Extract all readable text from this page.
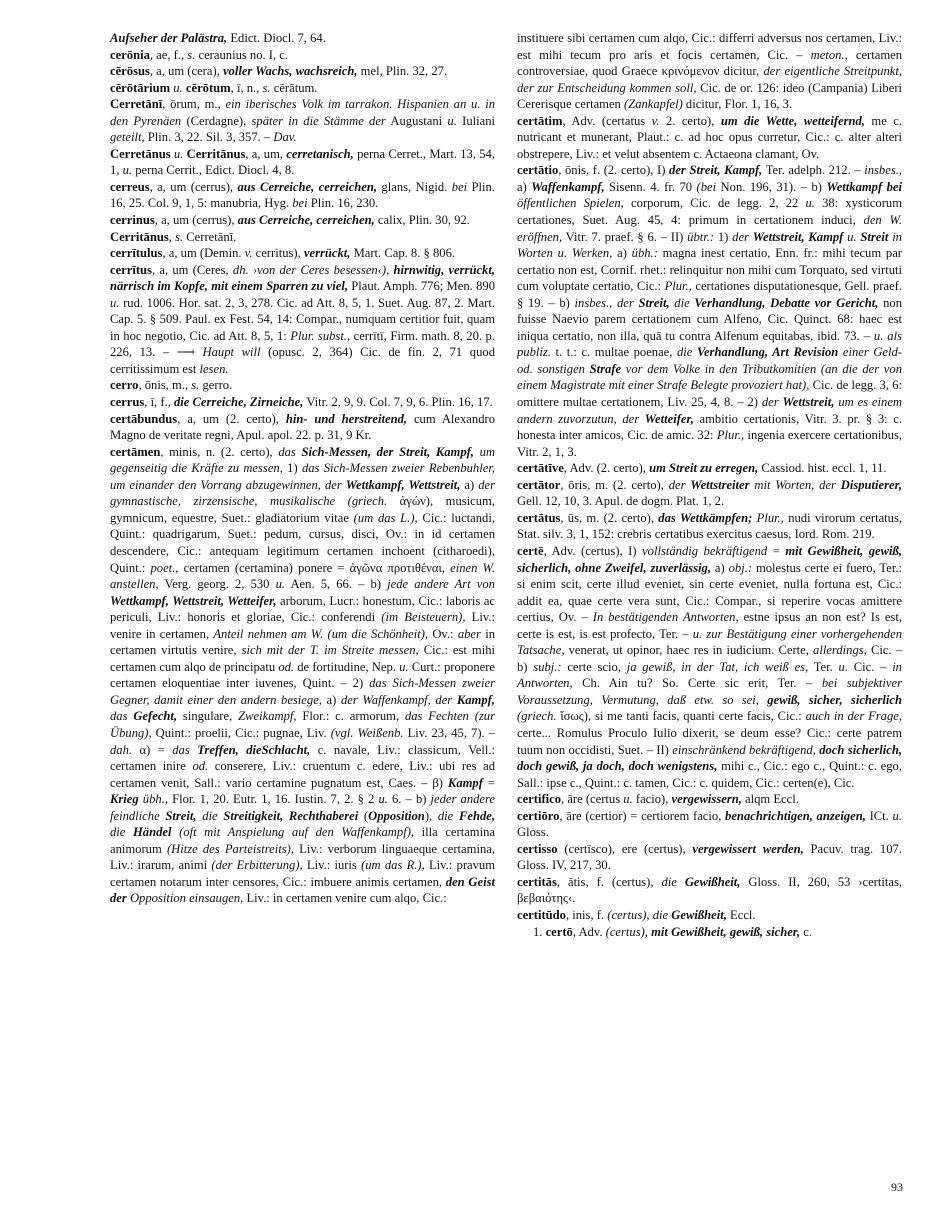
Aufseher der Palästra, Edict. Diocl. 7, 64.

cerōnia, ae, f., s. ceraunius no. I, c.

cērōsus, a, um (cera), voller Wachs, wachsreich, mel, Plin. 32, 27.

cērōtārium u. cērōtum, ī, n., s. cērātum.

Cerretānī, ōrum, m., ein iberisches Volk im tarrakon. Hispanien an u. in den Pyrenäen (Cerdagne), später in die Stämme der Augustani u. Iuliani geteilt, Plin. 3, 22. Sil. 3, 357. – Dav.

Cerretānus u. Cerritānus, a, um, cerretanisch, perna Cerret., Mart. 13, 54, 1, u. perna Cerrit., Edict. Diocl. 4, 8.

cerreus, a, um (cerrus), aus Cerreiche, cerreichen, glans, Nigid. bei Plin. 16, 25. Col. 9, 1, 5: manubria, Hyg. bei Plin. 16, 230.

cerrinus, a, um (cerrus), aus Cerreiche, cerreichen, calix, Plin. 30, 92.

Cerritānus, s. Cerretānī.

cerrītulus, a, um (Demin. v. cerritus), verrückt, Mart. Cap. 8. § 806.

cerrītus, a, um (Ceres, dh. ›von der Ceres besessen‹), hirnwitig, verrückt, närrisch im Kopfe, mit einem Sparren zu viel, Plaut. Amph. 776; Men. 890 u. rud. 1006. Hor. sat. 2, 3, 278. Cic. ad Att. 8, 5, 1. Suet. Aug. 87, 2. Mart. Cap. 5. § 509. Paul. ex Fest. 54, 14: Compar., numquam certitior fuit, quam in hoc negotio, Cic. ad Att. 8, 5, 1: Plur. subst., cerrītī, Firm. math. 8, 20. p. 226, 13. – ⟶ Haupt will (opusc. 2, 364) Cic. de fin. 2, 71 quod cerritissimum est lesen.

cerro, ōnis, m., s. gerro.

cerrus, ī, f., die Cerreiche, Zirneiche, Vitr. 2, 9, 9. Col. 7, 9, 6. Plin. 16, 17.

certābundus, a, um (2. certo), hin- und herstreitend, cum Alexandro Magno de veritate regni, Apul. apol. 22. p. 31, 9 Kr.

certāmen, minis, n. (2. certo), das Sich-Messen, der Streit, Kampf, um gegenseitig die Kräfte zu messen, 1) das Sich-Messen zweier Rebenbuhler, um einander den Vorrang abzugewinnen, der Wettkampf, Wettstreit, a) der gymnastische, zirzensische, musikalische (griech. ἀγών), musicum, gymnicum, equestre, Suet.: gladiatorium vitae (um das L.), Cic.: luctandi, Quint.: quadrigarum, Suet.: pedum, cursus, disci, Ov.: in id certamen descendere, Cic.: antequam legitimum certamen inchoent (citharoedi), Quint.: poet., certamen (certamina) ponere = ἀγῶνα προτιθέναι, einen W. anstellen, Verg. georg. 2, 530 u. Aen. 5, 66. – b) jede andere Art von Wettkampf, Wettstreit, Wetteifer, arborum, Lucr.: honestum, Cic.: laboris ac periculi, Liv.: honoris et gloriae, Cic.: conferendi (im Beisteuern), Liv.: venire in certamen, Anteil nehmen am W. (um die Schönheit), Ov.: aber in certamen virtutis venire, sich mit der T. im Streite messen, Cic.: est mihi certamen cum alqo de principatu od. de fortitudine, Nep. u. Curt.: proponere certamen eloquentiae inter iuvenes, Quint. – 2) das Sich-Messen zweier Gegner, damit einer den andern besiege, a) der Waffenkampf, der Kampf, das Gefecht, singulare, Zweikampf, Flor.: c. armorum, das Fechten (zur Übung), Quint.: proelii, Cic.: pugnae, Liv. (vgl. Weißenb. Liv. 23, 45, 7). – dah. α) = das Treffen, dieSchlacht, c. navale, Liv.: classicum, Vell.: certamen inire od. conserere, Liv.: cruentum c. edere, Liv.: ubi res ad certamen venit, Sall.: vario certamine pugnatum est, Caes. – β) Kampf = Krieg übh., Flor. 1, 20. Eutr. 1, 16. Iustin. 7, 2. § 2 u. 6. – b) jeder andere feindliche Streit, die Streitigkeit, Rechthaberei (Opposition), die Fehde, die Händel (oft mit Anspielung auf den Waffenkampf), illa certamina animorum (Hitze des Parteistreits), Liv.: verborum linguaeque certamina, Liv.: irarum, animi (der Erbitterung), Liv.: iuris (um das R.), Liv.: pravum certamen notarum inter censores, Cic.: imbuere animis certamen, den Geist der Opposition einsaugen, Liv.: in certamen venire cum alqo, Cic.:

instituere sibi certamen cum alqo, Cic.: differri adversus nos certamen, Liv.: est mihi tecum pro aris et focis certamen, Cic. – meton., certamen controversiae, quod Graece κρινόμενον dicitur, der eigentliche Streitpunkt, der zur Entscheidung kommen soll, Cic. de or. 126: ideo (Campania) Liberi Cererisque certamen (Zankapfel) dicitur, Flor. 1, 16, 3.

certātim, Adv. (certatus v. 2. certo), um die Wette, wetteifernd, me c. nutricant et munerant, Plaut.: c. ad hoc opus curretur, Cic.: c. alter alteri obstrepere, Liv.: et velut absentem c. Actaeona clamant, Ov.

certātio, ōnis, f. (2. certo), I) der Streit, Kampf, Ter. adelph. 212. – insbes., a) Waffenkampf, Sisenn. 4. fr. 70 (bei Non. 196, 31). – b) Wettkampf bei öffentlichen Spielen, corporum, Cic. de legg. 2, 22 u. 38: xysticorum certationes, Suet. Aug. 45, 4: primum in certationem induci, den W. eröffnen, Vitr. 7. praef. § 6. – II) übtr.: 1) der Wettstreit, Kampf u. Streit in Worten u. Werken, a) übh.: magna inest certatio, Enn. fr.: mihi tecum par certatio non est, Cornif. rhet.: relinquitur non mihi cum Torquato, sed virtuti cum voluptate certatio, Cic.: Plur., certationes disputationesque, Gell. praef. § 19. – b) insbes., der Streit, die Verhandlung, Debatte vor Gericht, non fuisse Naevio parem certationem cum Alfeno, Cic. Quinct. 68: haec est iniqua certatio, non illa, quā tu contra Alfenum equitabas, ibid. 73. – u. als publiz. t. t.: c. multae poenae, die Verhandlung, Art Revision einer Geld-od. sonstigen Strafe vor dem Volke in den Tributkomitien (an die der von einem Magistrate mit einer Strafe Belegte provoziert hat), Cic. de legg. 3, 6: omittere multae certationem, Liv. 25, 4, 8. – 2) der Wettstreit, um es einem andern zuvorzutun, der Wetteifer, ambitio certationis, Vitr. 3. pr. § 3: c. honesta inter amicos, Cic. de amic. 32: Plur., ingenia exercere certationibus, Vitr. 2, 1, 3.

certātīve, Adv. (2. certo), um Streit zu erregen, Cassiod. hist. eccl. 1, 11.

certātor, ōris, m. (2. certo), der Wettstreiter mit Worten, der Disputierer, Gell. 12, 10, 3. Apul. de dogm. Plat. 1, 2.

certātus, ūs, m. (2. certo), das Wettkämpfen; Plur., nudi virorum certatus, Stat. silv. 3, 1, 152: crebris certatibus exercitus caesus, Iord. Rom. 219.

certē, Adv. (certus), I) vollständig bekräftigend = mit Gewißheit, gewiß, sicherlich, ohne Zweifel, zuverlässig, a) obj.: molestus certe ei fuero, Ter.: si enim scit, certe illud eveniet, sin certe eveniet, nulla fortuna est, Cic.: addit ea, quae certe vera sunt, Cic.: Compar., si reperire vocas amittere certius, Ov. – In bestätigenden Antworten, estne ipsus an non est? Is est, certe is est, is est profecto, Ter. – u. zur Bestätigung einer vorhergehenden Tatsache, venerat, ut opinor, haec res in iudicium. Certe, allerdings, Cic. – b) subj.: certe scio, ja gewiß, in der Tat, ich weiß es, Ter. u. Cic. – in Antworten, Ch. Ain tu? So. Certe sic erit, Ter. – bei subjektiver Voraussetzung, Vermutung, daß etw. so sei, gewiß, sicher, sicherlich (griech. ἴσως), si me tanti facis, quanti certe facis, Cic.: auch in der Frage, certe... Romulus Proculo Iulio dixerit, se deum esse? Cic.: certe patrem tuum non occidisti, Suet. – II) einschränkend bekräftigend, doch sicherlich, doch gewiß, ja doch, doch wenigstens, mihi c., Cic.: ego c., Quint.: c. ego, Sall.: ipse c., Quint.: c. tamen, Cic.: c. quidem, Cic.: certen(e), Cic.

certifico, āre (certus u. facio), vergewissern, alqm Eccl.

certiōro, āre (certior) = certiorem facio, benachrichtigen, anzeigen, ICt. u. Gloss.

certisso (certīsco), ere (certus), vergewissert werden, Pacuv. trag. 107. Gloss. IV, 217, 30.

certitās, ātis, f. (certus), die Gewißheit, Gloss. II, 260, 53 ›certitas, βεβαιότης‹.

certitūdo, inis, f. (certus), die Gewißheit, Eccl.

1. certō, Adv. (certus), mit Gewißheit, gewiß, sicher, c.

93
